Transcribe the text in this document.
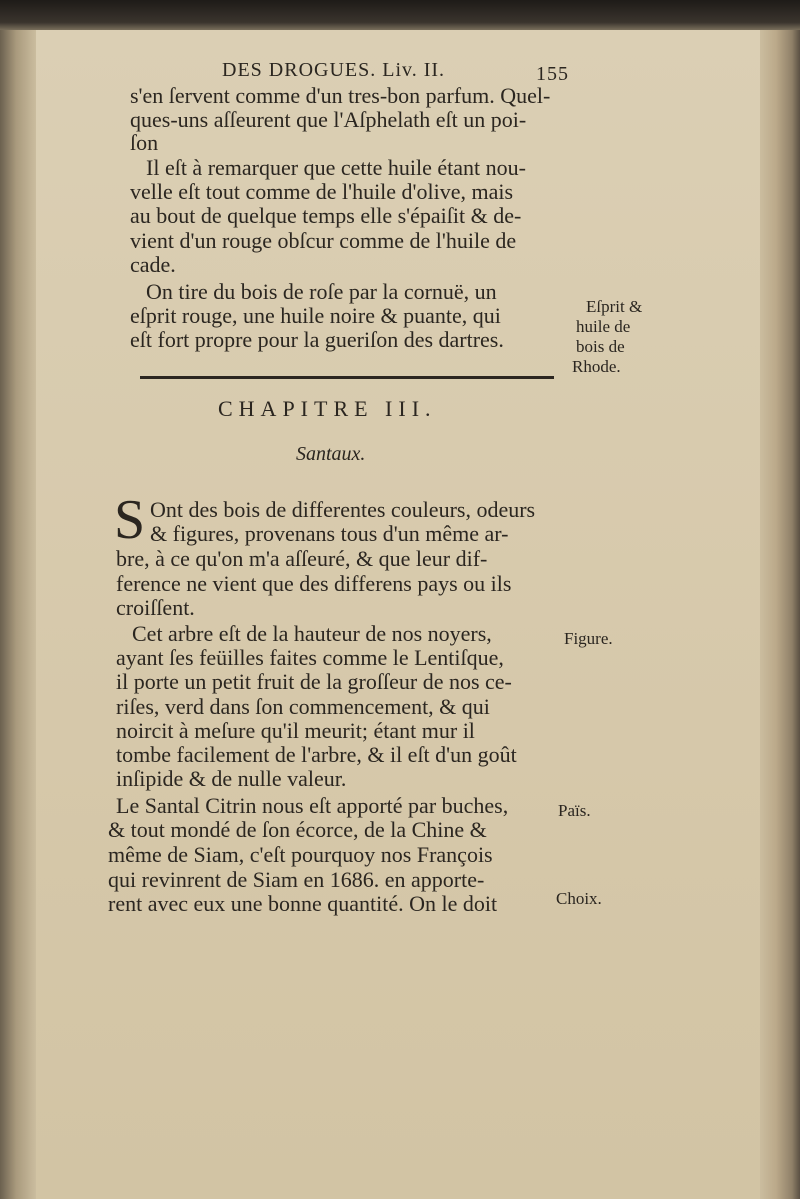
DES DROGUES. Liv. II.	155
s'en ſervent comme d'un tres-bon parfum. Quel-
ques-uns aſſeurent que l'Aſphelath eſt un poi-
ſon
Il eſt à remarquer que cette huile étant nou-
velle eſt tout comme de l'huile d'olive, mais
au bout de quelque temps elle s'épaiſit & de-
vient d'un rouge obſcur comme de l'huile de
cade.
On tire du bois de roſe par la cornuë, un
eſprit rouge, une huile noire & puante, qui
eſt fort propre pour la gueriſon des dartres.
Eſprit &
huile de
bois de
Rhode.
CHAPITRE III.
Santaux.
S Ont des bois de differentes couleurs, odeurs
& figures, provenans tous d'un même ar-
bre, à ce qu'on m'a aſſeuré, & que leur dif-
ference ne vient que des differens pays ou ils
croiſſent.
Cet arbre eſt de la hauteur de nos noyers,
ayant ſes feüilles faites comme le Lentiſque,
il porte un petit fruit de la groſſeur de nos ce-
riſes, verd dans ſon commencement, & qui
noircit à meſure qu'il meurit; étant mur il
tombe facilement de l'arbre, & il eſt d'un goût
inſipide & de nulle valeur.
Le Santal Citrin nous eſt apporté par buches,
& tout mondé de ſon écorce, de la Chine &
même de Siam, c'eſt pourquoy nos François
qui revinrent de Siam en 1686. en apporte-
rent avec eux une bonne quantité. On le doit
Figure.
Païs.
Choix.
